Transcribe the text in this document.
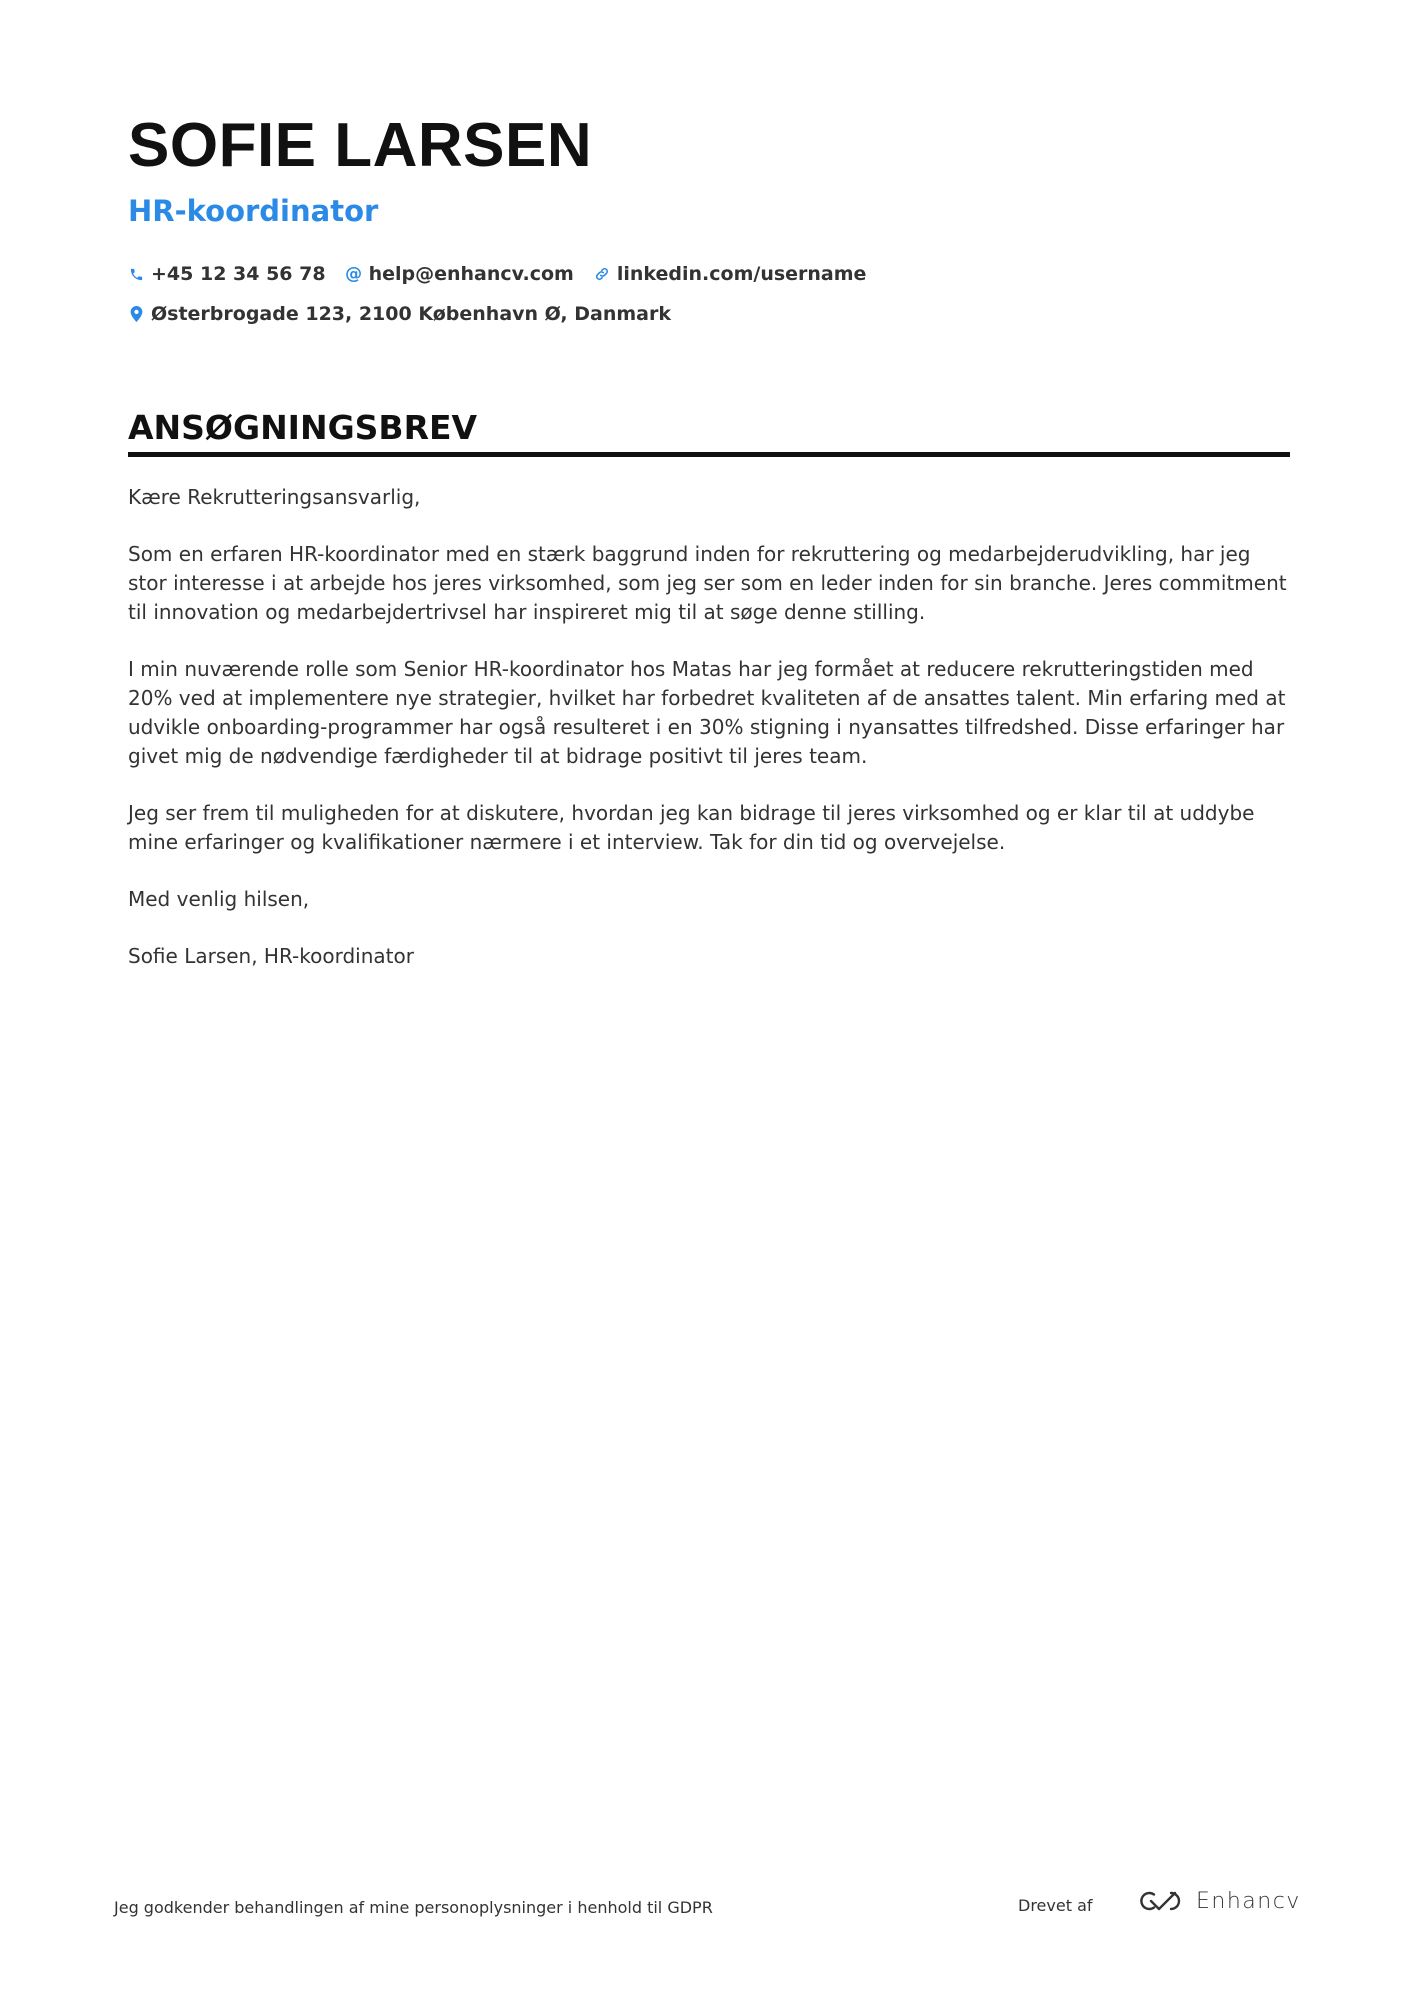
SOFIE LARSEN
HR-koordinator
+45 12 34 56 78 @ help@enhancv.com linkedin.com/username
Østerbrogade 123, 2100 København Ø, Danmark
ANSØGNINGSBREV

Kære Rekrutteringsansvarlig,

Som en erfaren HR-koordinator med en stærk baggrund inden for rekruttering og medarbejderudvikling, har jeg stor interesse i at arbejde hos jeres virksomhed, som jeg ser som en leder inden for sin branche. Jeres commitment til innovation og medarbejdertrivsel har inspireret mig til at søge denne stilling.

I min nuværende rolle som Senior HR-koordinator hos Matas har jeg formået at reducere rekrutteringstiden med 20% ved at implementere nye strategier, hvilket har forbedret kvaliteten af de ansattes talent. Min erfaring med at udvikle onboarding-programmer har også resulteret i en 30% stigning i nyansattes tilfredshed. Disse erfaringer har givet mig de nødvendige færdigheder til at bidrage positivt til jeres team.

Jeg ser frem til muligheden for at diskutere, hvordan jeg kan bidrage til jeres virksomhed og er klar til at uddybe mine erfaringer og kvalifikationer nærmere i et interview. Tak for din tid og overvejelse.

Med venlig hilsen,

Sofie Larsen, HR-koordinator

Jeg godkender behandlingen af mine personoplysninger i henhold til GDPR	Drevet af	Enhancv
